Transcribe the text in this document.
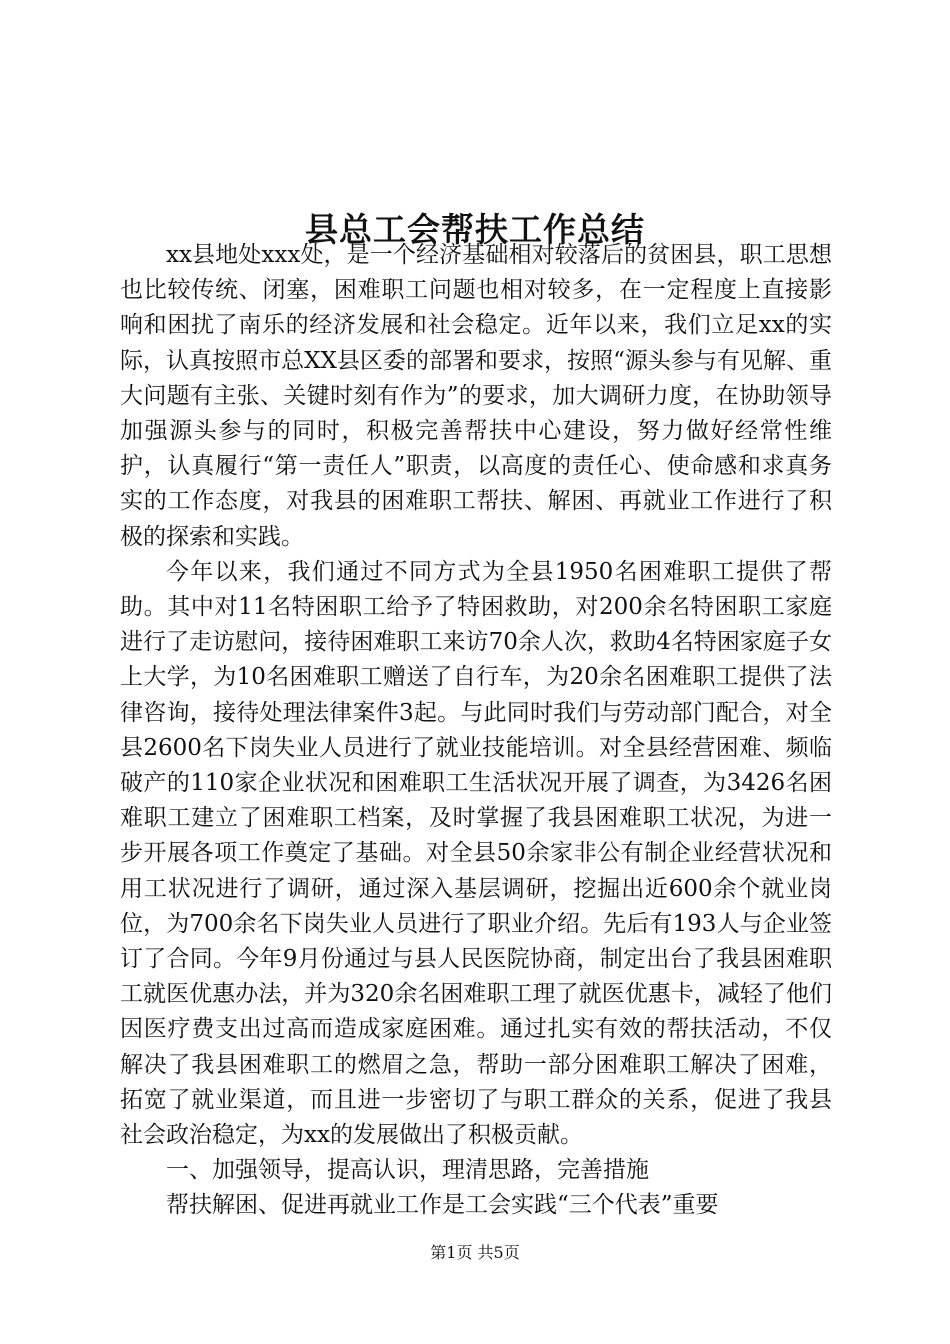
县总工会帮扶工作总结

xx县地处xxx处，是一个经济基础相对较落后的贫困县，职工思想也比较传统、闭塞，困难职工问题也相对较多，在一定程度上直接影响和困扰了南乐的经济发展和社会稳定。近年以来，我们立足xx的实际，认真按照市总XX县区委的部署和要求，按照“源头参与有见解、重大问题有主张、关键时刻有作为”的要求，加大调研力度，在协助领导加强源头参与的同时，积极完善帮扶中心建设，努力做好经常性维护，认真履行“第一责任人”职责，以高度的责任心、使命感和求真务实的工作态度，对我县的困难职工帮扶、解困、再就业工作进行了积极的探索和实践。

今年以来，我们通过不同方式为全县1950名困难职工提供了帮助。其中对11名特困职工给予了特困救助，对200余名特困职工家庭进行了走访慰问，接待困难职工来访70余人次，救助4名特困家庭子女上大学，为10名困难职工赠送了自行车，为20余名困难职工提供了法律咨询，接待处理法律案件3起。与此同时我们与劳动部门配合，对全县2600名下岗失业人员进行了就业技能培训。对全县经营困难、频临破产的110家企业状况和困难职工生活状况开展了调查，为3426名困难职工建立了困难职工档案，及时掌握了我县困难职工状况，为进一步开展各项工作奠定了基础。对全县50余家非公有制企业经营状况和用工状况进行了调研，通过深入基层调研，挖掘出近600余个就业岗位，为700余名下岗失业人员进行了职业介绍。先后有193人与企业签订了合同。今年9月份通过与县人民医院协商，制定出台了我县困难职工就医优惠办法，并为320余名困难职工理了就医优惠卡，减轻了他们因医疗费支出过高而造成家庭困难。通过扎实有效的帮扶活动，不仅解决了我县困难职工的燃眉之急，帮助一部分困难职工解决了困难，拓宽了就业渠道，而且进一步密切了与职工群众的关系，促进了我县社会政治稳定，为xx的发展做出了积极贡献。

一、加强领导，提高认识，理清思路，完善措施

帮扶解困、促进再就业工作是工会实践“三个代表”重要

第1页 共5页
